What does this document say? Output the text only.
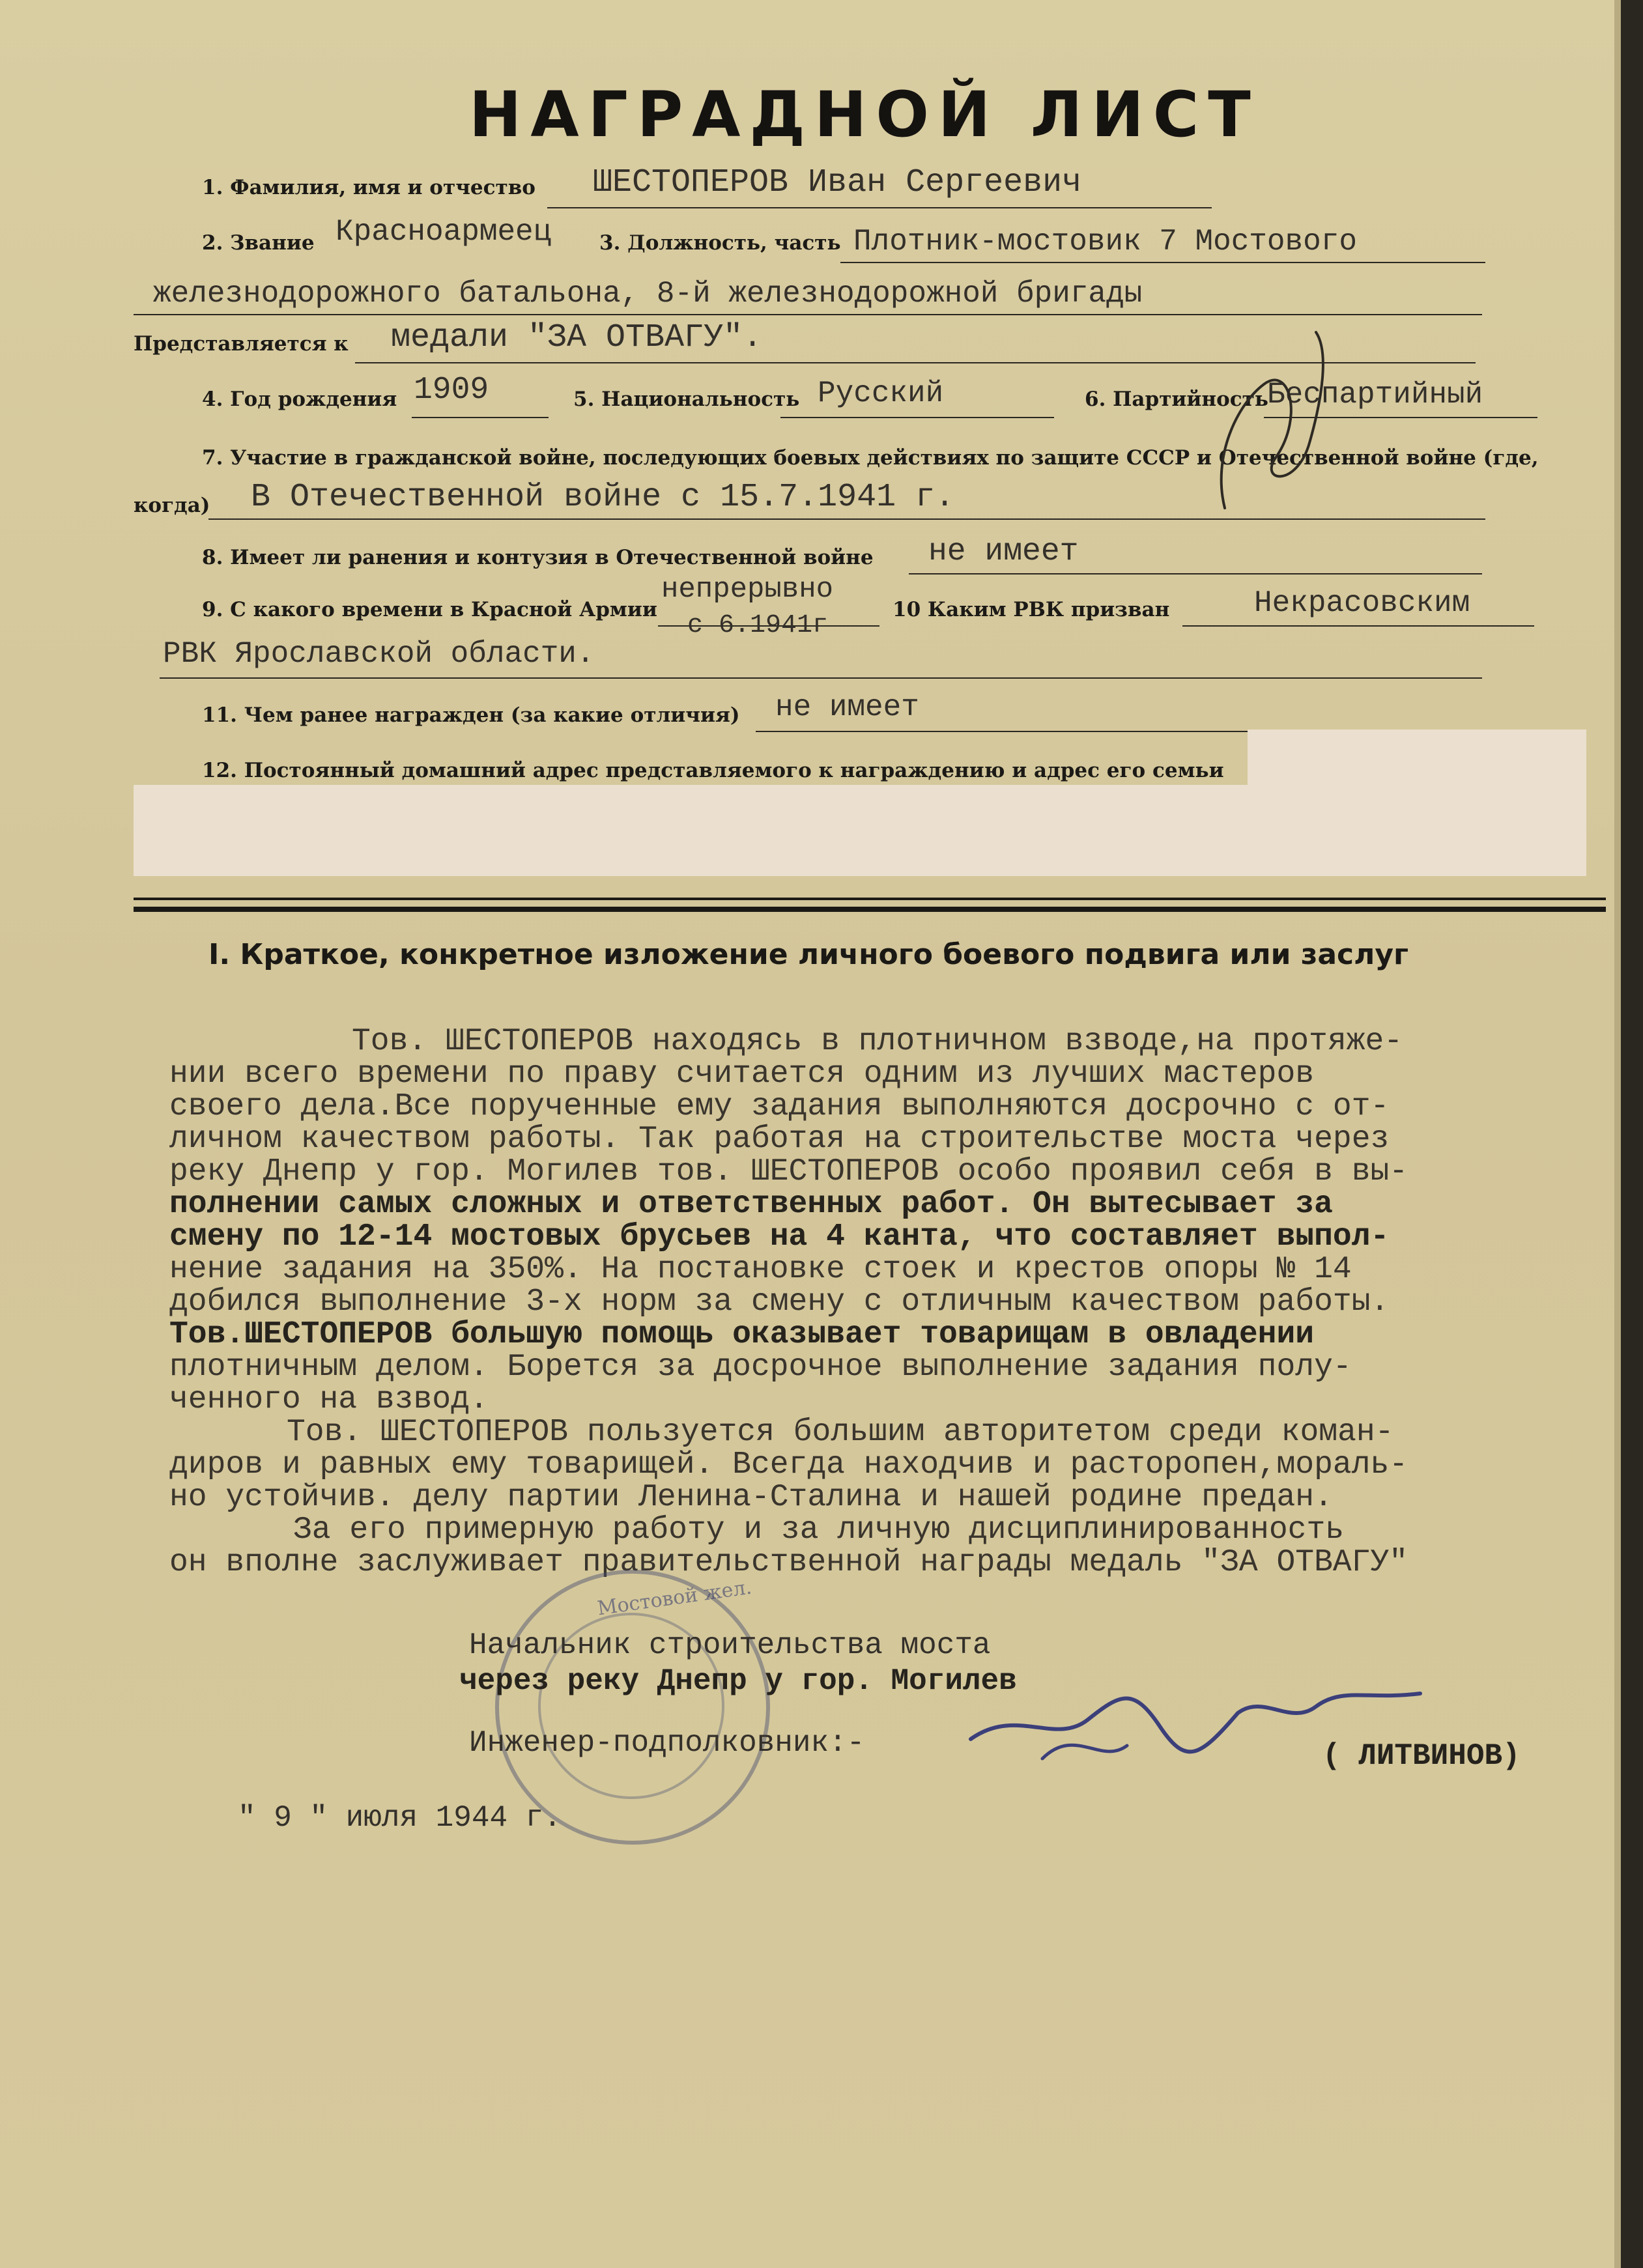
НАГРАДНОЙ ЛИСТ
1. Фамилия, имя и отчество ШЕСТОПЕРОВ Иван Сергеевич
2. Звание Красноармеец 3. Должность, часть Плотник-мостовик 7 Мостового
железнодорожного батальона, 8-й железнодорожной бригады
Представляется к медали "ЗА ОТВАГУ".
4. Год рождения 1909	5. Национальность Русский	6. Партийность
Беспартийный
7. Участие в гражданской войне, последующих боевых действиях по защите СССР и Отечественной войне (где,
когда) В Отечественной войне с 15.7.1941 г.
8. Имеет ли ранения и контузия в Отечественной войне не имеет
9. С какого времени в Красной Армии
непрерывно
с 6.1941г
10 Каким РВК призван	Некрасовским
РВК Ярославской области.
11. Чем ранее награжден (за какие отличия) не имеет
12. Постоянный домашний адрес представляемого к награждению и адрес его семьи
I. Краткое, конкретное изложение личного боевого подвига или заслуг
Тов. ШЕСТОПЕРОВ находясь в плотничном взводе,на протяже-
нии всего времени по праву считается одним из лучших мастеров
своего дела.Все порученные ему задания выполняются досрочно с от-
личном качеством работы. Так работая на строительстве моста через
реку Днепр у гор. Могилев тов. ШЕСТОПЕРОВ особо проявил себя в вы-
полнении самых сложных и ответственных работ. Он вытесывает за
смену по 12-14 мостовых брусьев на 4 канта, что составляет выпол-
нение задания на 350%. На постановке стоек и крестов опоры № 14
добился выполнение 3-х норм за смену с отличным качеством работы.
Тов.ШЕСТОПЕРОВ большую помощь оказывает товарищам в овладении
плотничным делом. Борется за досрочное выполнение задания полу-
ченного на взвод.
Тов. ШЕСТОПЕРОВ пользуется большим авторитетом среди коман-
диров и равных ему товарищей. Всегда находчив и расторопен,мораль-
но устойчив. делу партии Ленина-Сталина и нашей родине предан.
За его примерную работу и за личную дисциплинированность
он вполне заслуживает правительственной награды медаль "ЗА ОТВАГУ"
Мостовой жел.
Начальник строительства моста
через реку Днепр у гор. Могилев
Инженер-подполковник:-	( ЛИТВИНОВ)
" 9 " июля 1944 г.
